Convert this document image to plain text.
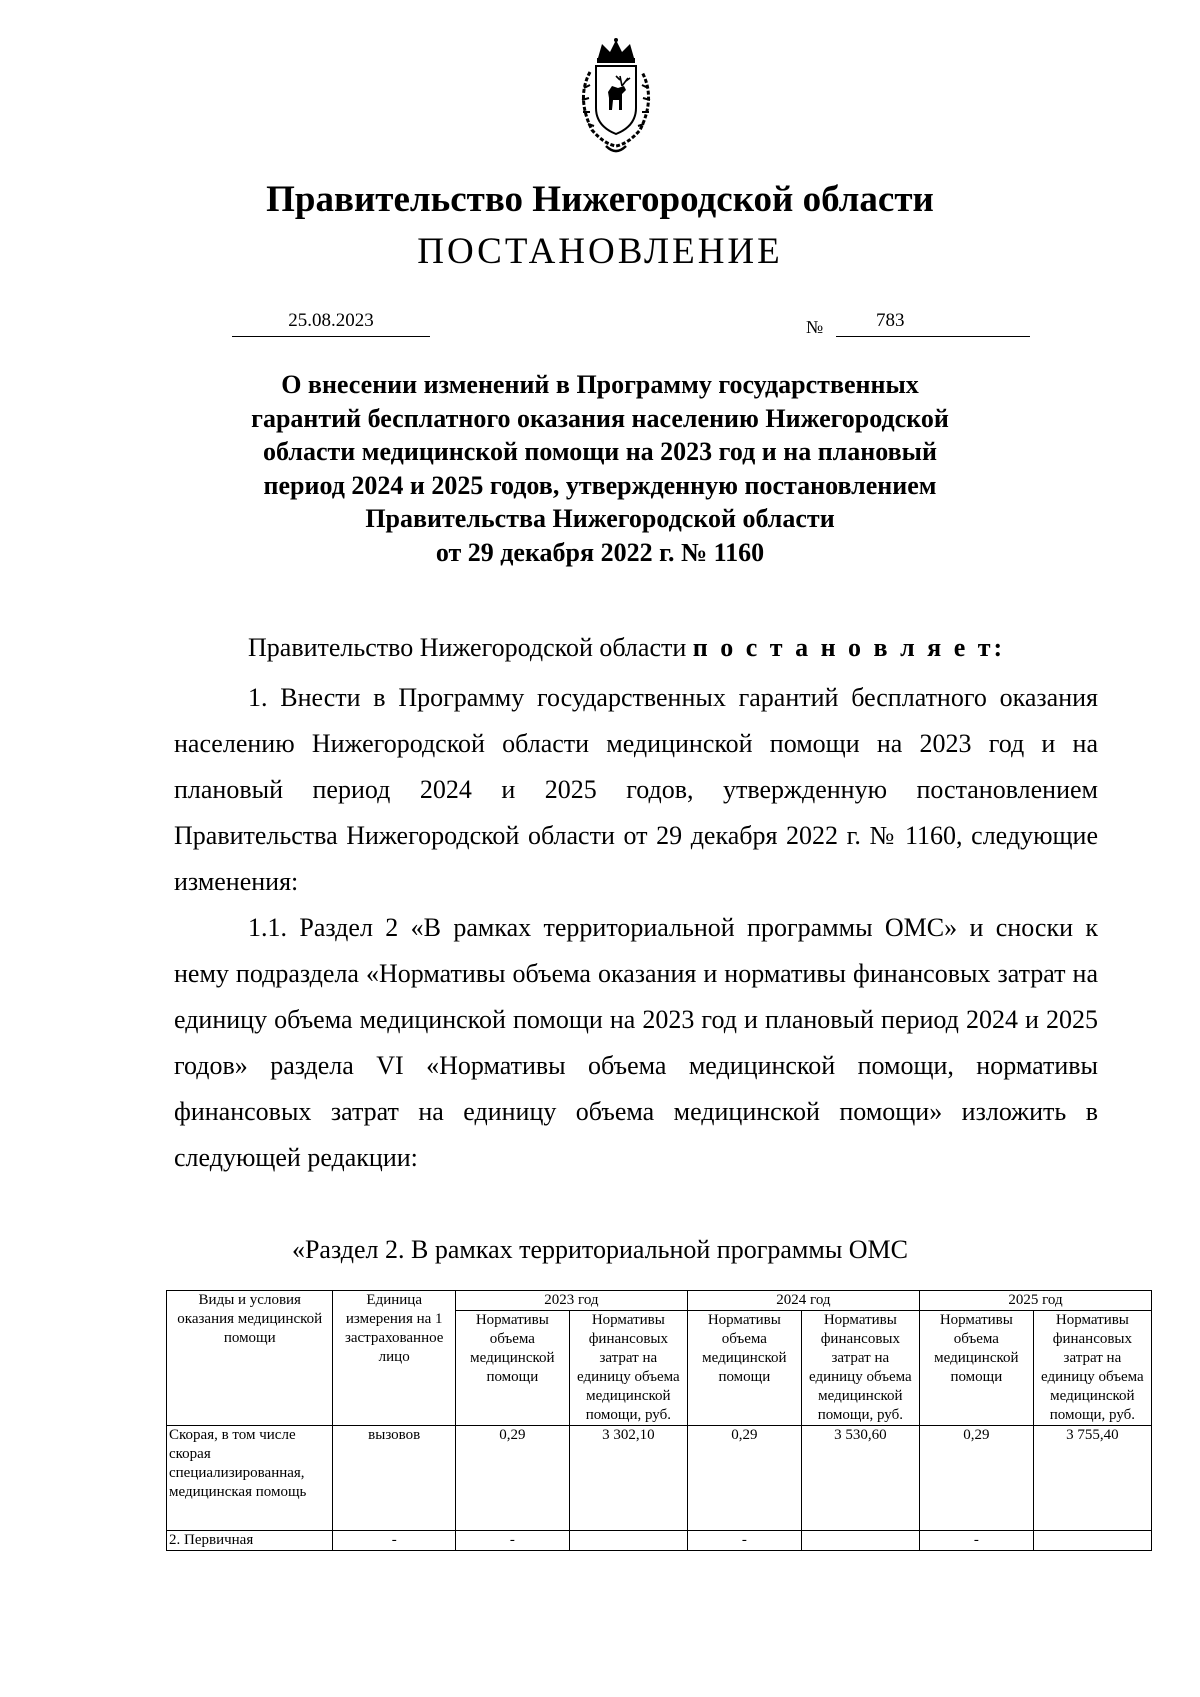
Правительство Нижегородской области
ПОСТАНОВЛЕНИЕ
25.08.2023	№	783
О внесении изменений в Программу государственных
гарантий бесплатного оказания населению Нижегородской
области медицинской помощи на 2023 год и на плановый
период 2024 и 2025 годов, утвержденную постановлением
Правительства Нижегородской области
от 29 декабря 2022 г. № 1160
Правительство Нижегородской области п о с т а н о в л я е т:

1. Внести в Программу государственных гарантий бесплатного оказания населению Нижегородской области медицинской помощи на 2023 год и на плановый период 2024 и 2025 годов, утвержденную постановлением Правительства Нижегородской области от 29 декабря 2022 г. № 1160, следующие изменения:

1.1. Раздел 2 «В рамках территориальной программы ОМС» и сноски к нему подраздела «Нормативы объема оказания и нормативы финансовых затрат на единицу объема медицинской помощи на 2023 год и плановый период 2024 и 2025 годов» раздела VI «Нормативы объема медицинской помощи, нормативы финансовых затрат на единицу объема медицинской помощи» изложить в следующей редакции:

«Раздел 2. В рамках территориальной программы ОМС
Виды и условия оказания медицинской помощи	Единица измерения на 1 застрахованное лицо	2023 год		2024 год		2025 год	
		Нормативы объема медицинской помощи	Нормативы финансовых затрат на единицу объема медицинской помощи, руб.	Нормативы объема медицинской помощи	Нормативы финансовых затрат на единицу объема медицинской помощи, руб.	Нормативы объема медицинской помощи	Нормативы финансовых затрат на единицу объема медицинской помощи, руб.
Скорая, в том числе скорая специализированная, медицинская помощь	вызовов	0,29	3 302,10	0,29	3 530,60	0,29	3 755,40
2. Первичная	-	-		-		-	
